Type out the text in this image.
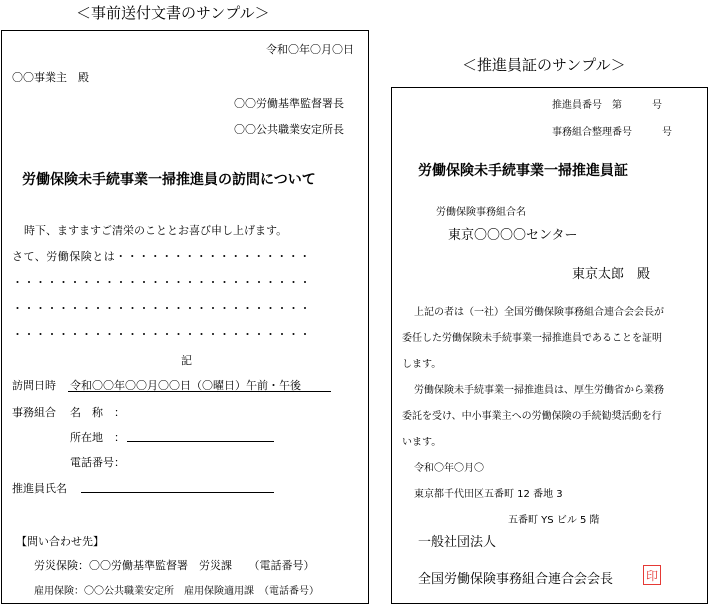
＜事前送付文書のサンプル＞
令和〇年〇月〇日
〇〇事業主　殿
〇〇労働基準監督署長
〇〇公共職業安定所長
労働保険未手続事業一掃推進員の訪問について
時下、ますますご清栄のこととお喜び申し上げます。
さて、労働保険とは・・・・・・・・・・・・・・・・・
・・・・・・・・・・・・・・・・・・・・・・・・・・
・・・・・・・・・・・・・・・・・・・・・・・・・・
・・・・・・・・・・・・・・・・・・・・・・・・・・
記
訪問日時 令和〇〇年〇〇月〇〇日（〇曜日）午前・午後
事務組合 名　称　：
所在地　：
電話番号：
推進員氏名
【問い合わせ先】
労災保険：〇〇労働基準監督署　労災課　　（電話番号）
雇用保険：〇〇公共職業安定所　雇用保険適用課　（電話番号）
＜推進員証のサンプル＞
推進員番号　第　　　号
事務組合整理番号　　　号
労働保険未手続事業一掃推進員証
労働保険事務組合名
東京〇〇〇〇センター
東京太郎　殿
上記の者は（一社）全国労働保険事務組合連合会会長が
委任した労働保険未手続事業一掃推進員であることを証明
します。
労働保険未手続事業一掃推進員は、厚生労働省から業務
委託を受け、中小事業主への労働保険の手続勧奨活動を行
います。
令和〇年〇月〇
東京都千代田区五番町 12 番地 3
五番町 YS ビル 5 階
一般社団法人
全国労働保険事務組合連合会会長	印
